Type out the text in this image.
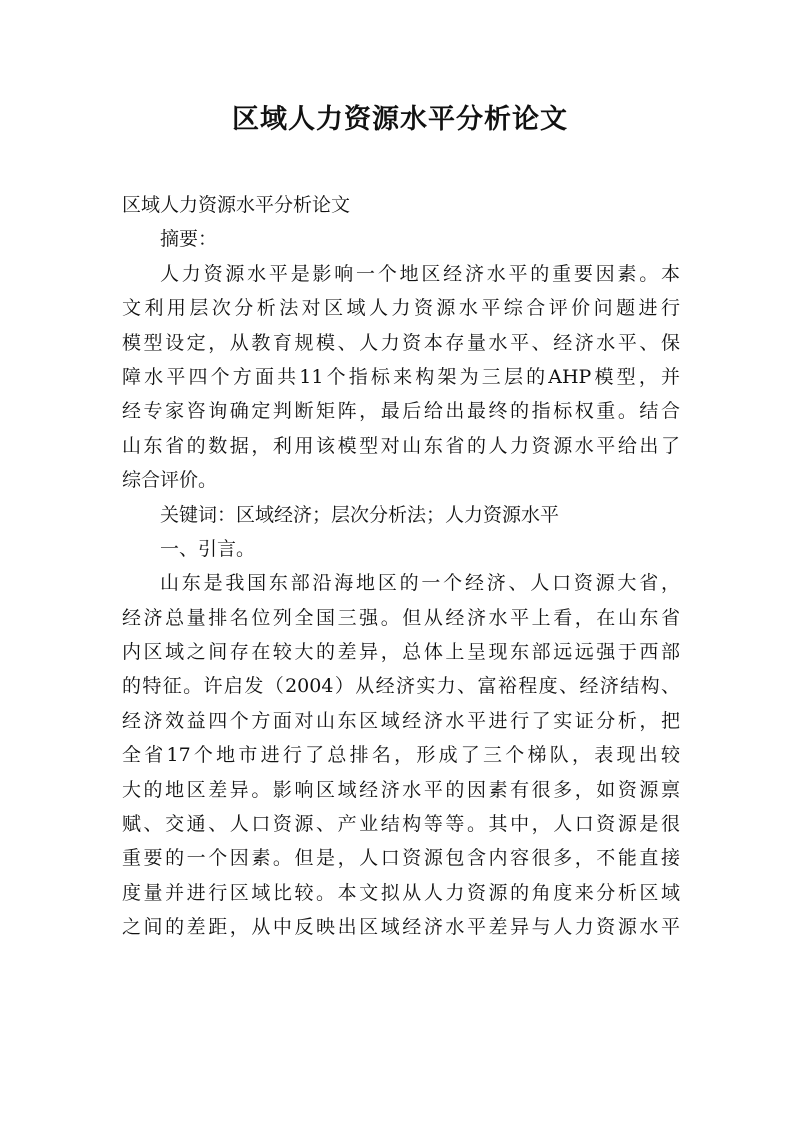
区域人力资源水平分析论文
区域人力资源水平分析论文
摘要：
人力资源水平是影响一个地区经济水平的重要因素。本
文利用层次分析法对区域人力资源水平综合评价问题进行
模型设定，从教育规模、人力资本存量水平、经济水平、保
障水平四个方面共11个指标来构架为三层的AHP模型，并
经专家咨询确定判断矩阵，最后给出最终的指标权重。结合
山东省的数据，利用该模型对山东省的人力资源水平给出了
综合评价。
关键词：区域经济；层次分析法；人力资源水平
一、引言。
山东是我国东部沿海地区的一个经济、人口资源大省，
经济总量排名位列全国三强。但从经济水平上看，在山东省
内区域之间存在较大的差异，总体上呈现东部远远强于西部
的特征。许启发（2004）从经济实力、富裕程度、经济结构、
经济效益四个方面对山东区域经济水平进行了实证分析，把
全省17个地市进行了总排名，形成了三个梯队，表现出较
大的地区差异。影响区域经济水平的因素有很多，如资源禀
赋、交通、人口资源、产业结构等等。其中，人口资源是很
重要的一个因素。但是，人口资源包含内容很多，不能直接
度量并进行区域比较。本文拟从人力资源的角度来分析区域
之间的差距，从中反映出区域经济水平差异与人力资源水平
